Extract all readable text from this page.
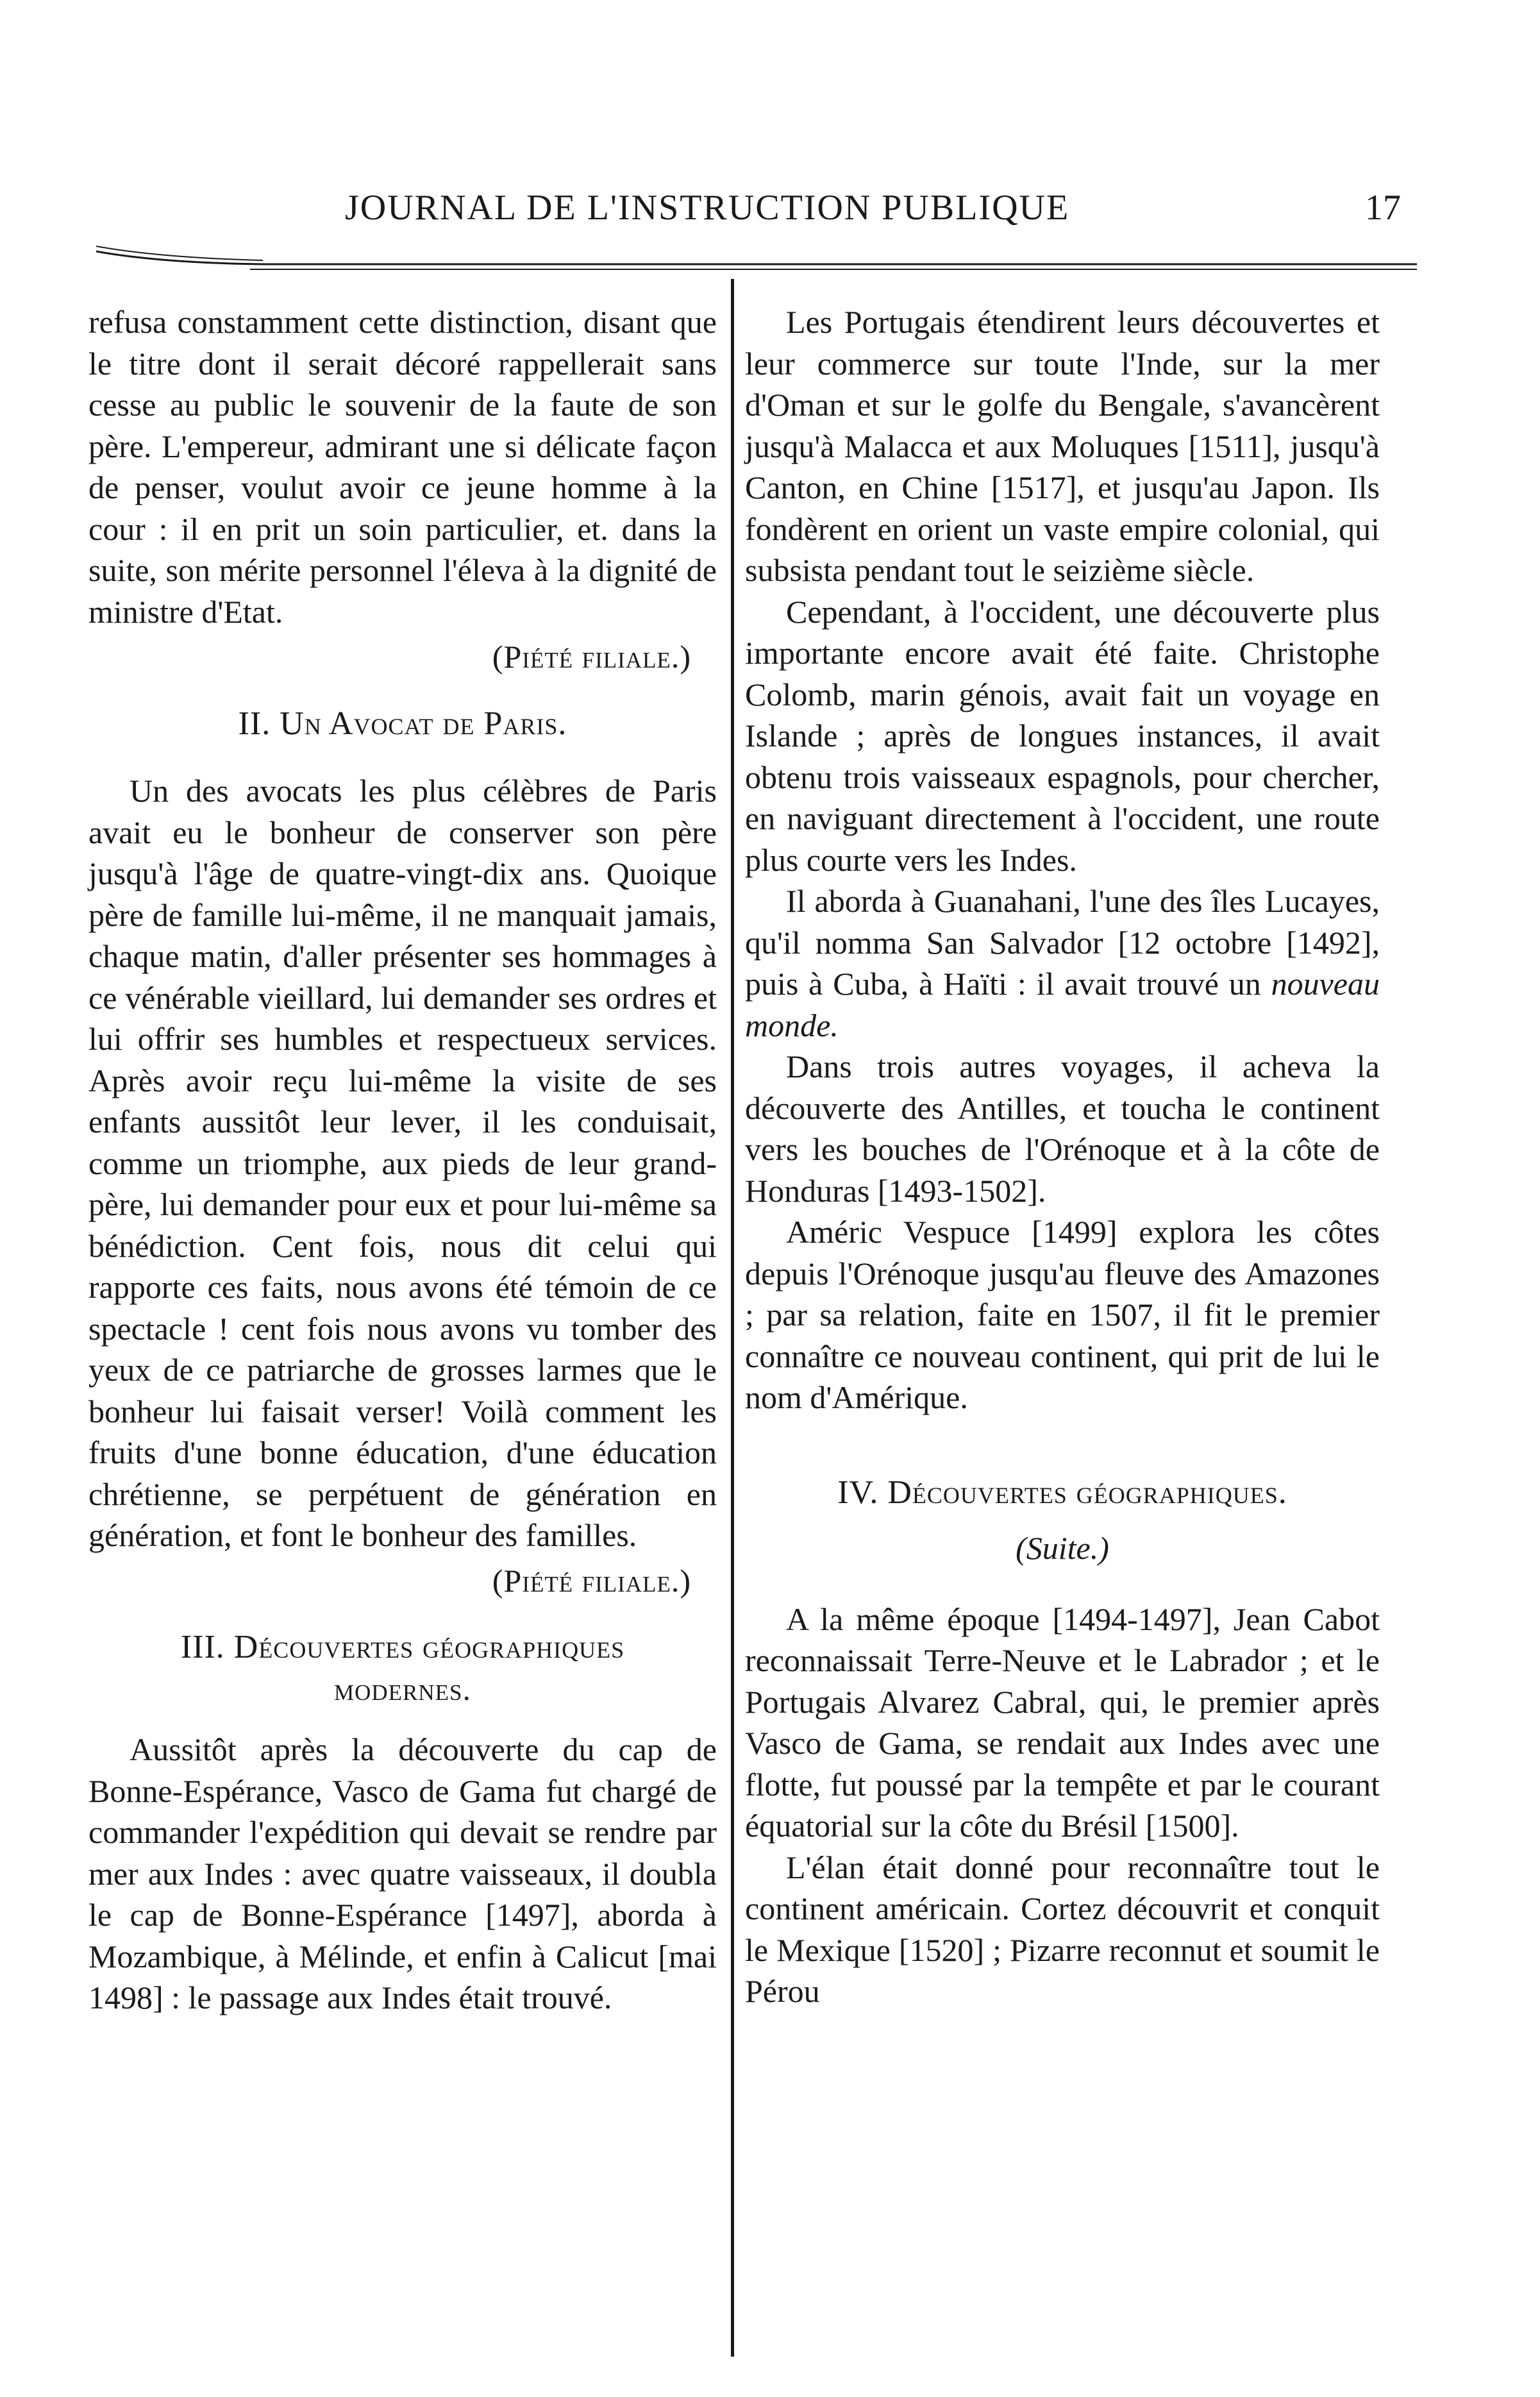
JOURNAL DE L'INSTRUCTION PUBLIQUE	17

refusa constamment cette distinction, disant que le titre dont il serait décoré rappellerait sans cesse au public le souvenir de la faute de son père. L'empereur, admirant une si délicate façon de penser, voulut avoir ce jeune homme à la cour : il en prit un soin particulier, et. dans la suite, son mérite personnel l'éleva à la dignité de ministre d'Etat.

(Piété filiale.)

II. Un Avocat de Paris.

Un des avocats les plus célèbres de Paris avait eu le bonheur de conserver son père jusqu'à l'âge de quatre-vingt-dix ans. Quoique père de famille lui-même, il ne manquait jamais, chaque matin, d'aller présenter ses hommages à ce vénérable vieillard, lui demander ses ordres et lui offrir ses humbles et respectueux services. Après avoir reçu lui-même la visite de ses enfants aussitôt leur lever, il les conduisait, comme un triomphe, aux pieds de leur grand-père, lui demander pour eux et pour lui-même sa bénédiction. Cent fois, nous dit celui qui rapporte ces faits, nous avons été témoin de ce spectacle ! cent fois nous avons vu tomber des yeux de ce patriarche de grosses larmes que le bonheur lui faisait verser! Voilà comment les fruits d'une bonne éducation, d'une éducation chrétienne, se perpétuent de génération en génération, et font le bonheur des familles.

(Piété filiale.)

III. Découvertes géographiques

modernes.

Aussitôt après la découverte du cap de Bonne-Espérance, Vasco de Gama fut chargé de commander l'expédition qui devait se rendre par mer aux Indes : avec quatre vaisseaux, il doubla le cap de Bonne-Espérance [1497], aborda à Mozambique, à Mélinde, et enfin à Calicut [mai 1498] : le passage aux Indes était trouvé.

Les Portugais étendirent leurs découvertes et leur commerce sur toute l'Inde, sur la mer d'Oman et sur le golfe du Bengale, s'avancèrent jusqu'à Malacca et aux Moluques [1511], jusqu'à Canton, en Chine [1517], et jusqu'au Japon. Ils fondèrent en orient un vaste empire colonial, qui subsista pendant tout le seizième siècle.

Cependant, à l'occident, une découverte plus importante encore avait été faite. Christophe Colomb, marin génois, avait fait un voyage en Islande ; après de longues instances, il avait obtenu trois vaisseaux espagnols, pour chercher, en naviguant directement à l'occident, une route plus courte vers les Indes.

Il aborda à Guanahani, l'une des îles Lucayes, qu'il nomma San Salvador [12 octobre [1492], puis à Cuba, à Haïti : il avait trouvé un nouveau monde.

Dans trois autres voyages, il acheva la découverte des Antilles, et toucha le continent vers les bouches de l'Orénoque et à la côte de Honduras [1493-1502].

Améric Vespuce [1499] explora les côtes depuis l'Orénoque jusqu'au fleuve des Amazones ; par sa relation, faite en 1507, il fit le premier connaître ce nouveau continent, qui prit de lui le nom d'Amérique.

IV. Découvertes géographiques.

(Suite.)

A la même époque [1494-1497], Jean Cabot reconnaissait Terre-Neuve et le Labrador ; et le Portugais Alvarez Cabral, qui, le premier après Vasco de Gama, se rendait aux Indes avec une flotte, fut poussé par la tempête et par le courant équatorial sur la côte du Brésil [1500].

L'élan était donné pour reconnaître tout le continent américain. Cortez découvrit et conquit le Mexique [1520] ; Pizarre reconnut et soumit le Pérou
